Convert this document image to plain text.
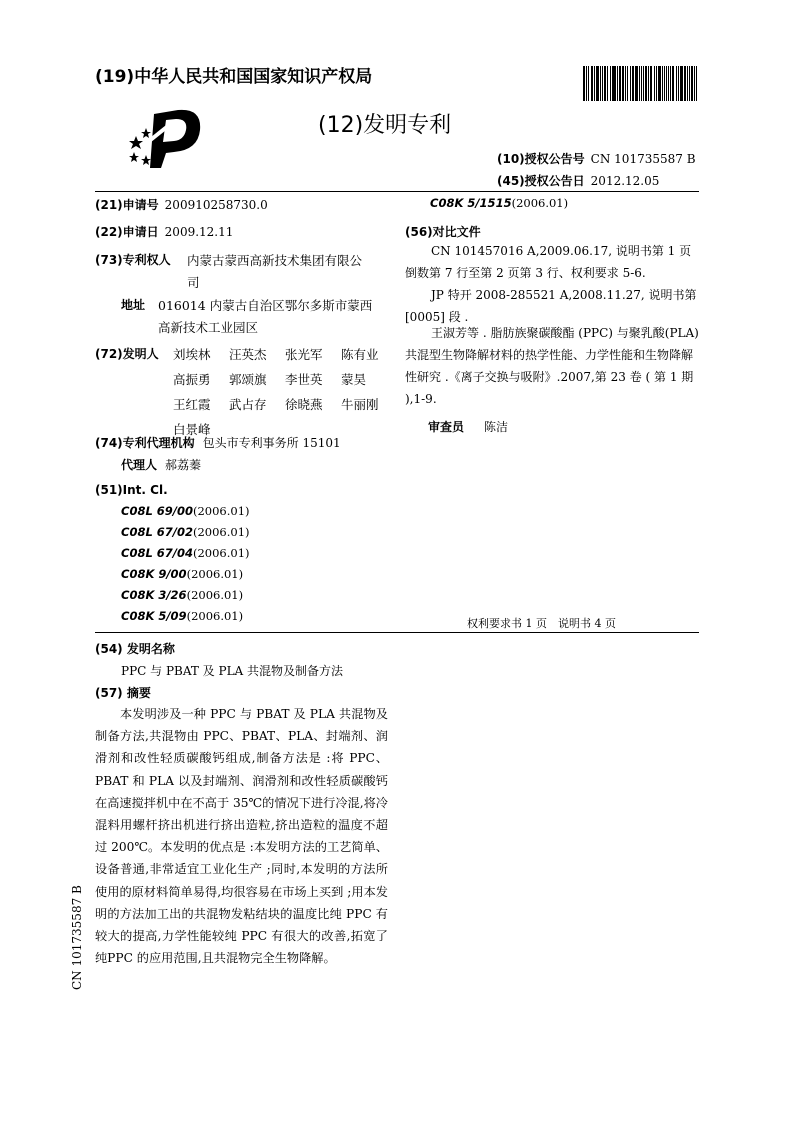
(19)中华人民共和国国家知识产权局
(12)发明专利
(10)授权公告号 CN 101735587 B
(45)授权公告日 2012.12.05
(21)申请号 200910258730.0
(22)申请日 2009.12.11
(73)专利权人 内蒙古蒙西高新技术集团有限公
司
地址 016014 内蒙古自治区鄂尔多斯市蒙西
高新技术工业园区
(72)发明人 刘埃林	汪英杰	张光军	陈有业
高振勇	郭颂旗	李世英	蒙昊
王红霞	武占存	徐晓燕	牛丽刚
白景峰
(74)专利代理机构 包头市专利事务所 15101
代理人 郝荔蓁
(51)Int. Cl.
C08L 69/00 (2006.01)
C08L 67/02 (2006.01)
C08L 67/04 (2006.01)
C08K 9/00 (2006.01)
C08K 3/26 (2006.01)
C08K 5/09 (2006.01)
C08K 5/1515 (2006.01)
(56)对比文件
CN 101457016 A,2009.06.17, 说明书第 1 页倒数第 7 行至第 2 页第 3 行、权利要求 5-6.
JP 特开 2008-285521 A,2008.11.27, 说明书第 [0005] 段 .
王淑芳等 . 脂肪族聚碳酸酯 (PPC) 与聚乳酸(PLA) 共混型生物降解材料的热学性能、力学性能和生物降解性研究 .《离子交换与吸附》.2007,第 23 卷 ( 第 1 期 ),1-9.
审查员 陈洁
权利要求书 1 页　说明书 4 页
(54) 发明名称
PPC 与 PBAT 及 PLA 共混物及制备方法
(57) 摘要
本发明涉及一种 PPC 与 PBAT 及 PLA 共混物及制备方法,共混物由 PPC、PBAT、PLA、封端剂、润滑剂和改性轻质碳酸钙组成,制备方法是 :将 PPC、PBAT 和 PLA 以及封端剂、润滑剂和改性轻质碳酸钙在高速搅拌机中在不高于 35℃的情况下进行冷混,将冷混料用螺杆挤出机进行挤出造粒,挤出造粒的温度不超过 200℃。本发明的优点是 :本发明方法的工艺简单、设备普通,非常适宜工业化生产 ;同时,本发明的方法所使用的原材料简单易得,均很容易在市场上买到 ;用本发明的方法加工出的共混物发粘结块的温度比纯 PPC 有较大的提高,力学性能较纯 PPC 有很大的改善,拓宽了纯PPC 的应用范围,且共混物完全生物降解。
CN 101735587 B
